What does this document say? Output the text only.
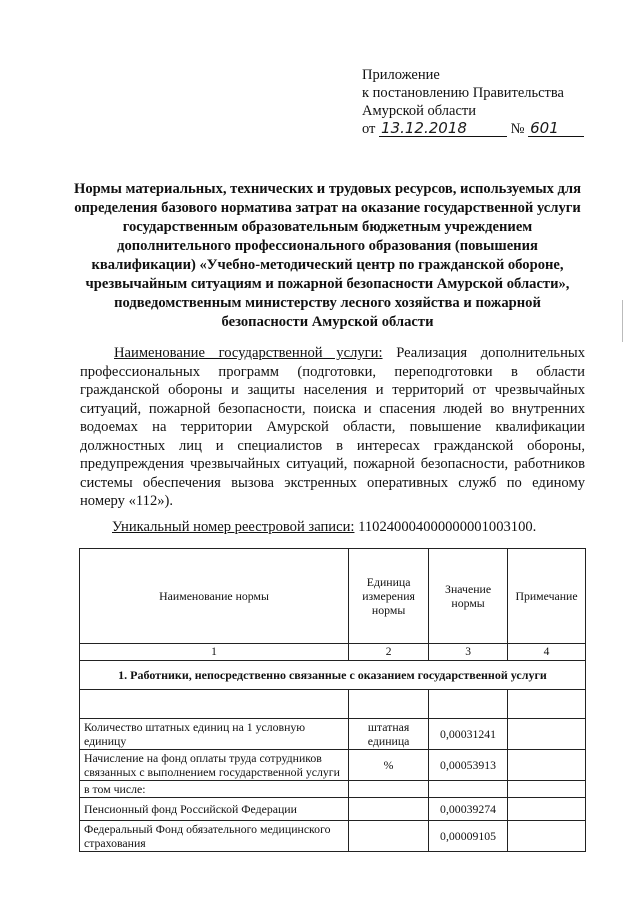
Приложение
к постановлению Правительства
Амурской области
от 13.12.2018	№ 601
Нормы материальных, технических и трудовых ресурсов, используемых для определения базового норматива затрат на оказание государственной услуги государственным образовательным бюджетным учреждением дополнительного профессионального образования (повышения квалификации) «Учебно-методический центр по гражданской обороне, чрезвычайным ситуациям и пожарной безопасности Амурской области», подведомственным министерству лесного хозяйства и пожарной безопасности Амурской области
Наименование государственной услуги: Реализация дополнительных профессиональных программ (подготовки, переподготовки в области гражданской обороны и защиты населения и территорий от чрезвычайных ситуаций, пожарной безопасности, поиска и спасения людей во внутренних водоемах на территории Амурской области, повышение квалификации должностных лиц и специалистов в интересах гражданской обороны, предупреждения чрезвычайных ситуаций, пожарной безопасности, работников системы обеспечения вызова экстренных оперативных служб по единому номеру «112»).
Уникальный номер реестровой записи: 110240004000000001003100.
Наименование нормы	Единица измерения нормы	Значение нормы	Примечание
1	2	3	4
1. Работники, непосредственно связанные с оказанием государственной услуги			

Количество штатных единиц на 1 условную единицу	штатная единица	0,00031241	
Начисление на фонд оплаты труда сотрудников связанных с выполнением государственной услуги	%	0,00053913	
в том числе:			
Пенсионный фонд Российской Федерации		0,00039274	
Федеральный Фонд обязательного медицинского страхования		0,00009105	
